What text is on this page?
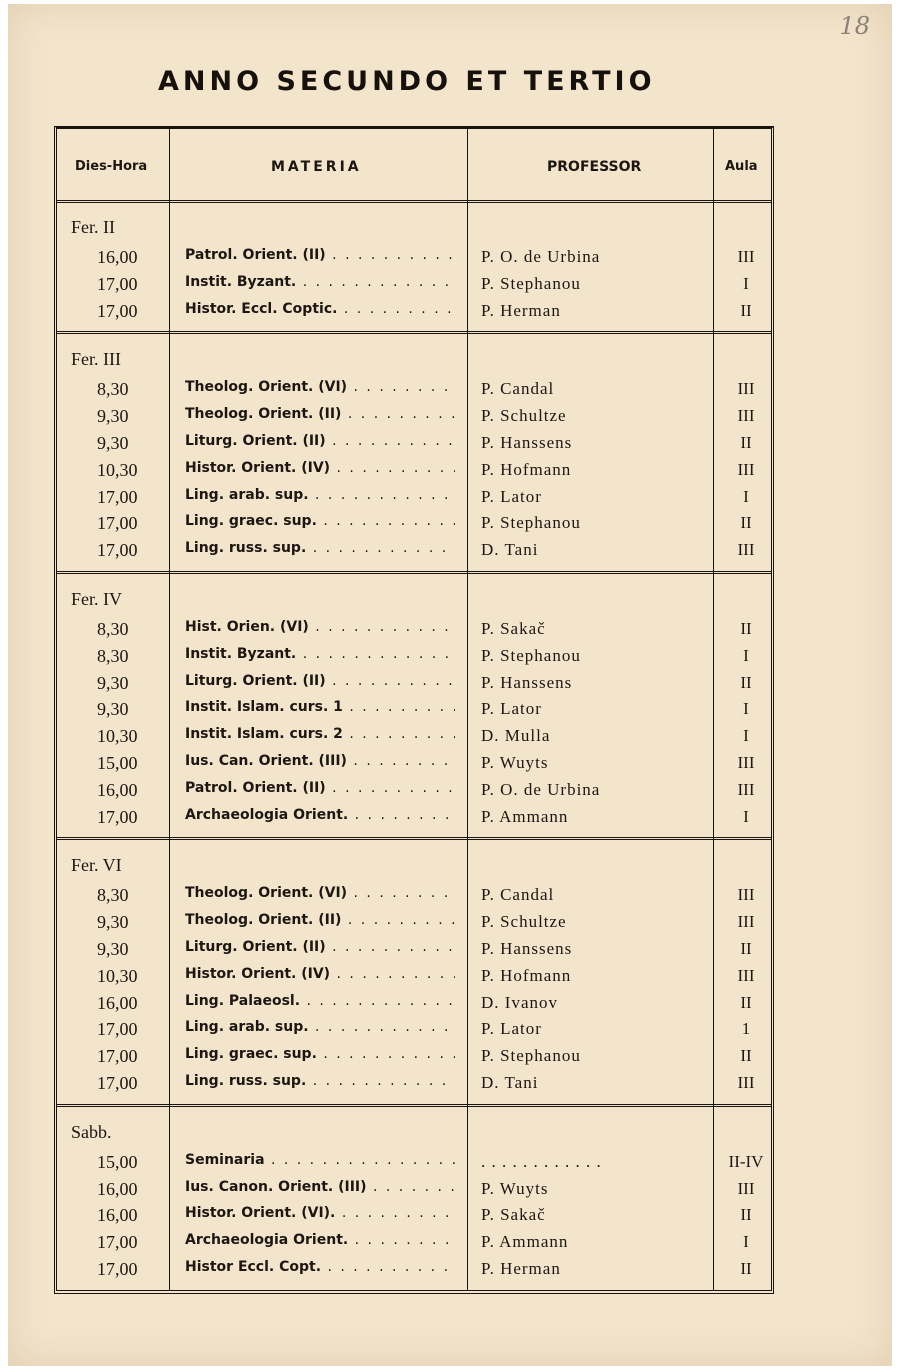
18
ANNO SECUNDO ET TERTIO
Dies-Hora	MATERIA	PROFESSOR	Aula
Fer. II
16,00	Patrol. Orient. (II) . . .	P. O. de Urbina	III
17,00	Instit. Byzant. . . .	P. Stephanou	I
17,00	Histor. Eccl. Coptic. . . .	P. Herman	II
Fer. III
8,30	Theolog. Orient. (VI) . . .	P. Candal	III
9,30	Theolog. Orient. (II) . . .	P. Schultze	III
9,30	Liturg. Orient. (II) . . .	P. Hanssens	II
10,30	Histor. Orient. (IV) . . .	P. Hofmann	III
17,00	Ling. arab. sup. . . .	P. Lator	I
17,00	Ling. graec. sup. . . .	P. Stephanou	II
17,00	Ling. russ. sup. . . .	D. Tani	III
Fer. IV
8,30	Hist. Orien. (VI) . . .	P. Sakač	II
8,30	Instit. Byzant. . . .	P. Stephanou	I
9,30	Liturg. Orient. (II) . . .	P. Hanssens	II
9,30	Instit. Islam. curs. 1 . . .	P. Lator	I
10,30	Instit. Islam. curs. 2 . . .	D. Mulla	I
15,00	Ius. Can. Orient. (III) . . .	P. Wuyts	III
16,00	Patrol. Orient. (II) . . .	P. O. de Urbina	III
17,00	Archaeologia Orient. . . .	P. Ammann	I
Fer. VI
8,30	Theolog. Orient. (VI) . . .	P. Candal	III
9,30	Theolog. Orient. (II) . . .	P. Schultze	III
9,30	Liturg. Orient. (II) . . .	P. Hanssens	II
10,30	Histor. Orient. (IV) . . .	P. Hofmann	III
16,00	Ling. Palaeosl. . . .	D. Ivanov	II
17,00	Ling. arab. sup. . . .	P. Lator	1
17,00	Ling. graec. sup. . . .	P. Stephanou	II
17,00	Ling. russ. sup. . . .	D. Tani	III
Sabb.
15,00	Seminaria . . .	. . . . . . . . . . . .	II-IV
16,00	Ius. Canon. Orient. (III) . . .	P. Wuyts	III
16,00	Histor. Orient. (VI). . . .	P. Sakač	II
17,00	Archaeologia Orient. . . .	P. Ammann	I
17,00	Histor Eccl. Copt. . . .	P. Herman	II
